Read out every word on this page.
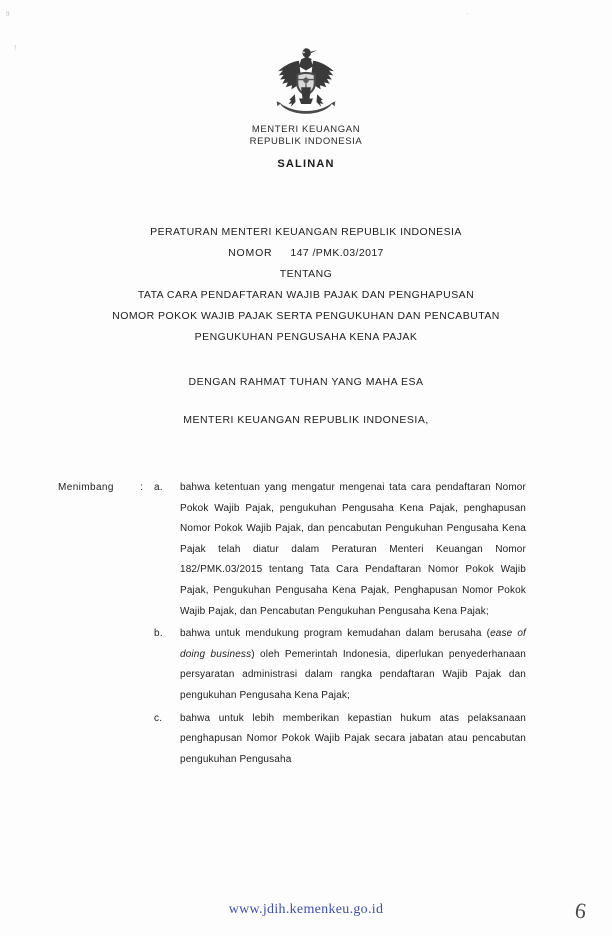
9
!
·
MENTERI KEUANGAN
REPUBLIK INDONESIA
SALINAN
PERATURAN MENTERI KEUANGAN REPUBLIK INDONESIA
NOMOR 147 /PMK.03/2017
TENTANG
TATA CARA PENDAFTARAN WAJIB PAJAK DAN PENGHAPUSAN
NOMOR POKOK WAJIB PAJAK SERTA PENGUKUHAN DAN PENCABUTAN
PENGUKUHAN PENGUSAHA KENA PAJAK
DENGAN RAHMAT TUHAN YANG MAHA ESA
MENTERI KEUANGAN REPUBLIK INDONESIA,
Menimbang	:	a.	bahwa ketentuan yang mengatur mengenai tata cara pendaftaran Nomor Pokok Wajib Pajak, pengukuhan Pengusaha Kena Pajak, penghapusan Nomor Pokok Wajib Pajak, dan pencabutan Pengukuhan Pengusaha Kena Pajak telah diatur dalam Peraturan Menteri Keuangan Nomor 182/PMK.03/2015 tentang Tata Cara Pendaftaran Nomor Pokok Wajib Pajak, Pengukuhan Pengusaha Kena Pajak, Penghapusan Nomor Pokok Wajib Pajak, dan Pencabutan Pengukuhan Pengusaha Kena Pajak;
b.	bahwa untuk mendukung program kemudahan dalam berusaha (ease of doing business) oleh Pemerintah Indonesia, diperlukan penyederhanaan persyaratan administrasi dalam rangka pendaftaran Wajib Pajak dan pengukuhan Pengusaha Kena Pajak;
c.	bahwa untuk lebih memberikan kepastian hukum atas pelaksanaan penghapusan Nomor Pokok Wajib Pajak secara jabatan atau pencabutan pengukuhan Pengusaha
www.jdih.kemenkeu.go.id	6
